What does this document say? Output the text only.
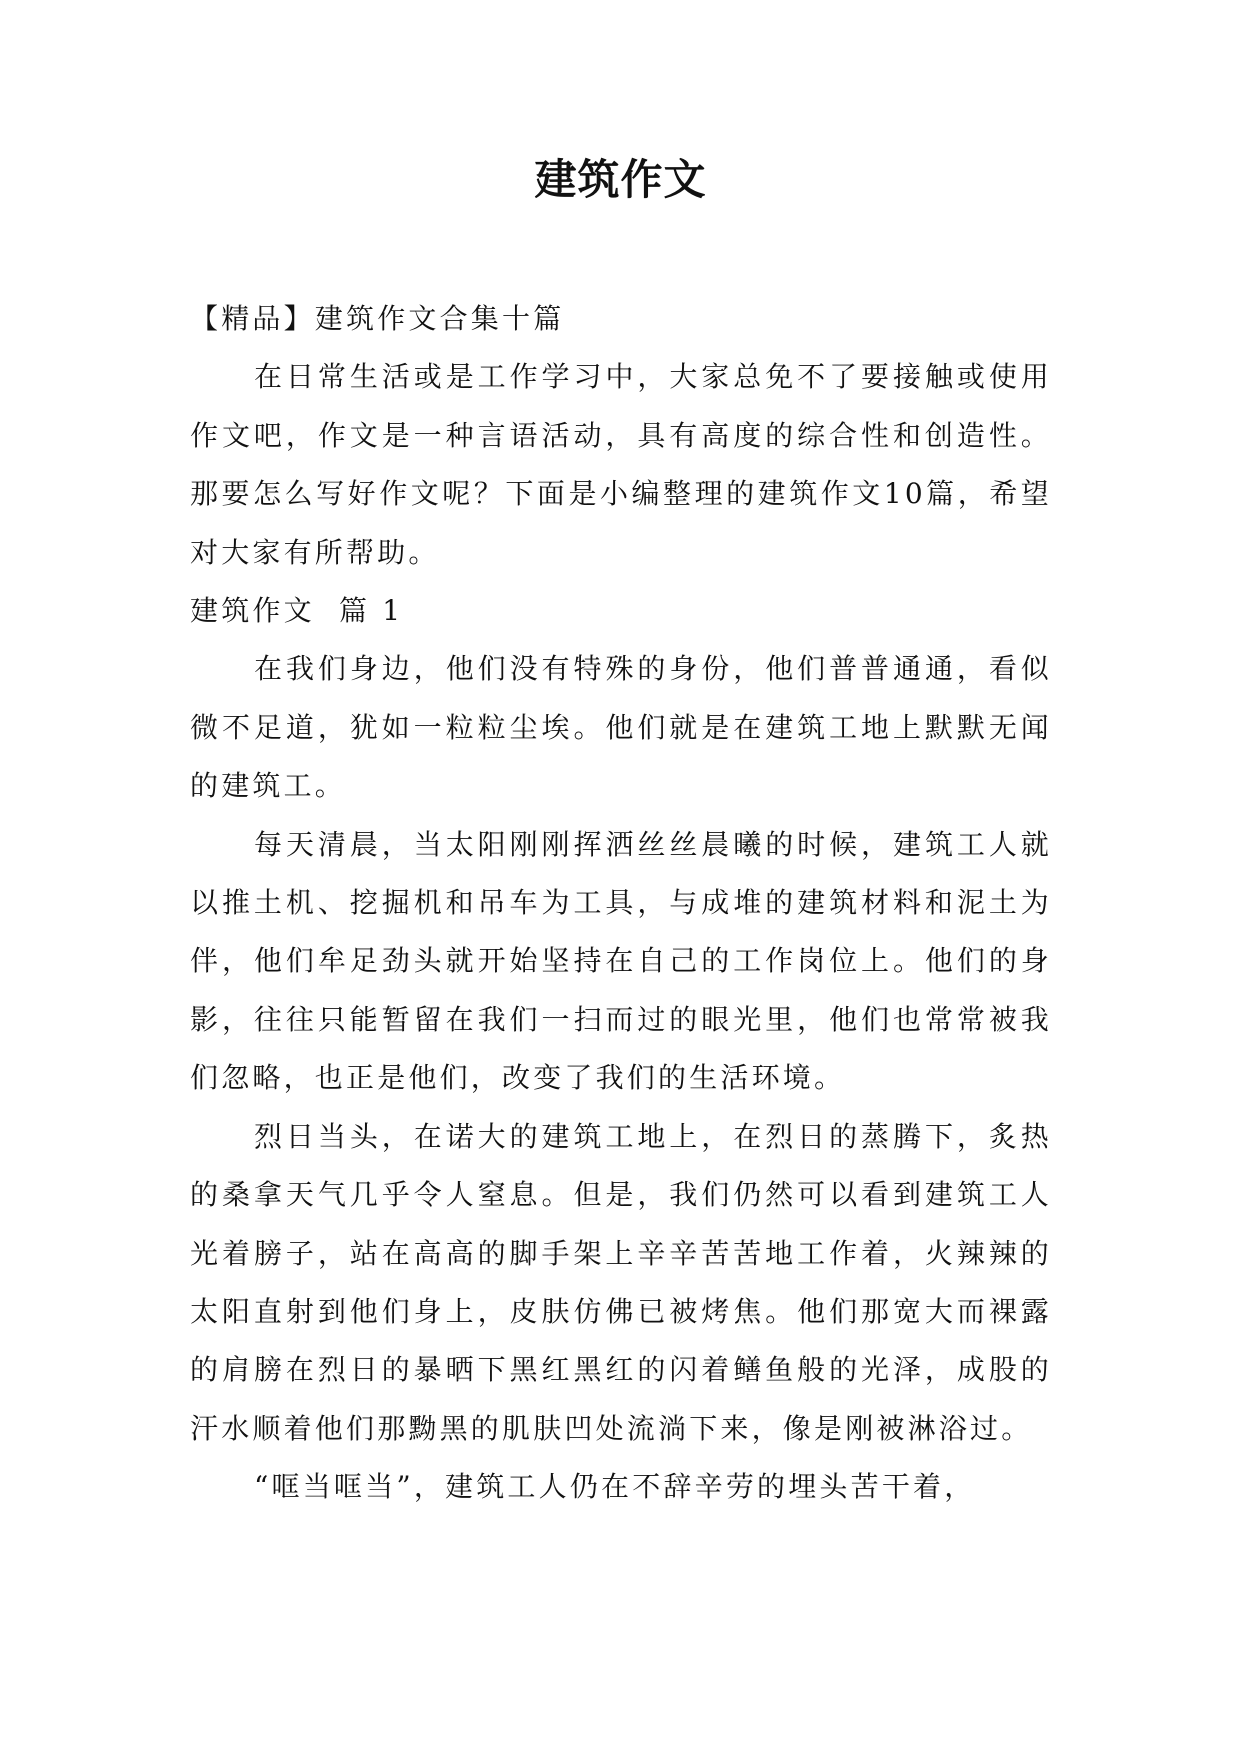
建筑作文

【精品】建筑作文合集十篇

在日常生活或是工作学习中，大家总免不了要接触或使用作文吧，作文是一种言语活动，具有高度的综合性和创造性。那要怎么写好作文呢？下面是小编整理的建筑作文10篇，希望对大家有所帮助。

建筑作文  篇 1

在我们身边，他们没有特殊的身份，他们普普通通，看似微不足道，犹如一粒粒尘埃。他们就是在建筑工地上默默无闻的建筑工。

每天清晨，当太阳刚刚挥洒丝丝晨曦的时候，建筑工人就以推土机、挖掘机和吊车为工具，与成堆的建筑材料和泥土为伴，他们牟足劲头就开始坚持在自己的工作岗位上。他们的身影，往往只能暂留在我们一扫而过的眼光里，他们也常常被我们忽略，也正是他们，改变了我们的生活环境。

烈日当头，在诺大的建筑工地上，在烈日的蒸腾下，炙热的桑拿天气几乎令人窒息。但是，我们仍然可以看到建筑工人光着膀子，站在高高的脚手架上辛辛苦苦地工作着，火辣辣的太阳直射到他们身上，皮肤仿佛已被烤焦。他们那宽大而裸露的肩膀在烈日的暴晒下黑红黑红的闪着鳝鱼般的光泽，成股的汗水顺着他们那黝黑的肌肤凹处流淌下来，像是刚被淋浴过。

“哐当哐当”，建筑工人仍在不辞辛劳的埋头苦干着，
